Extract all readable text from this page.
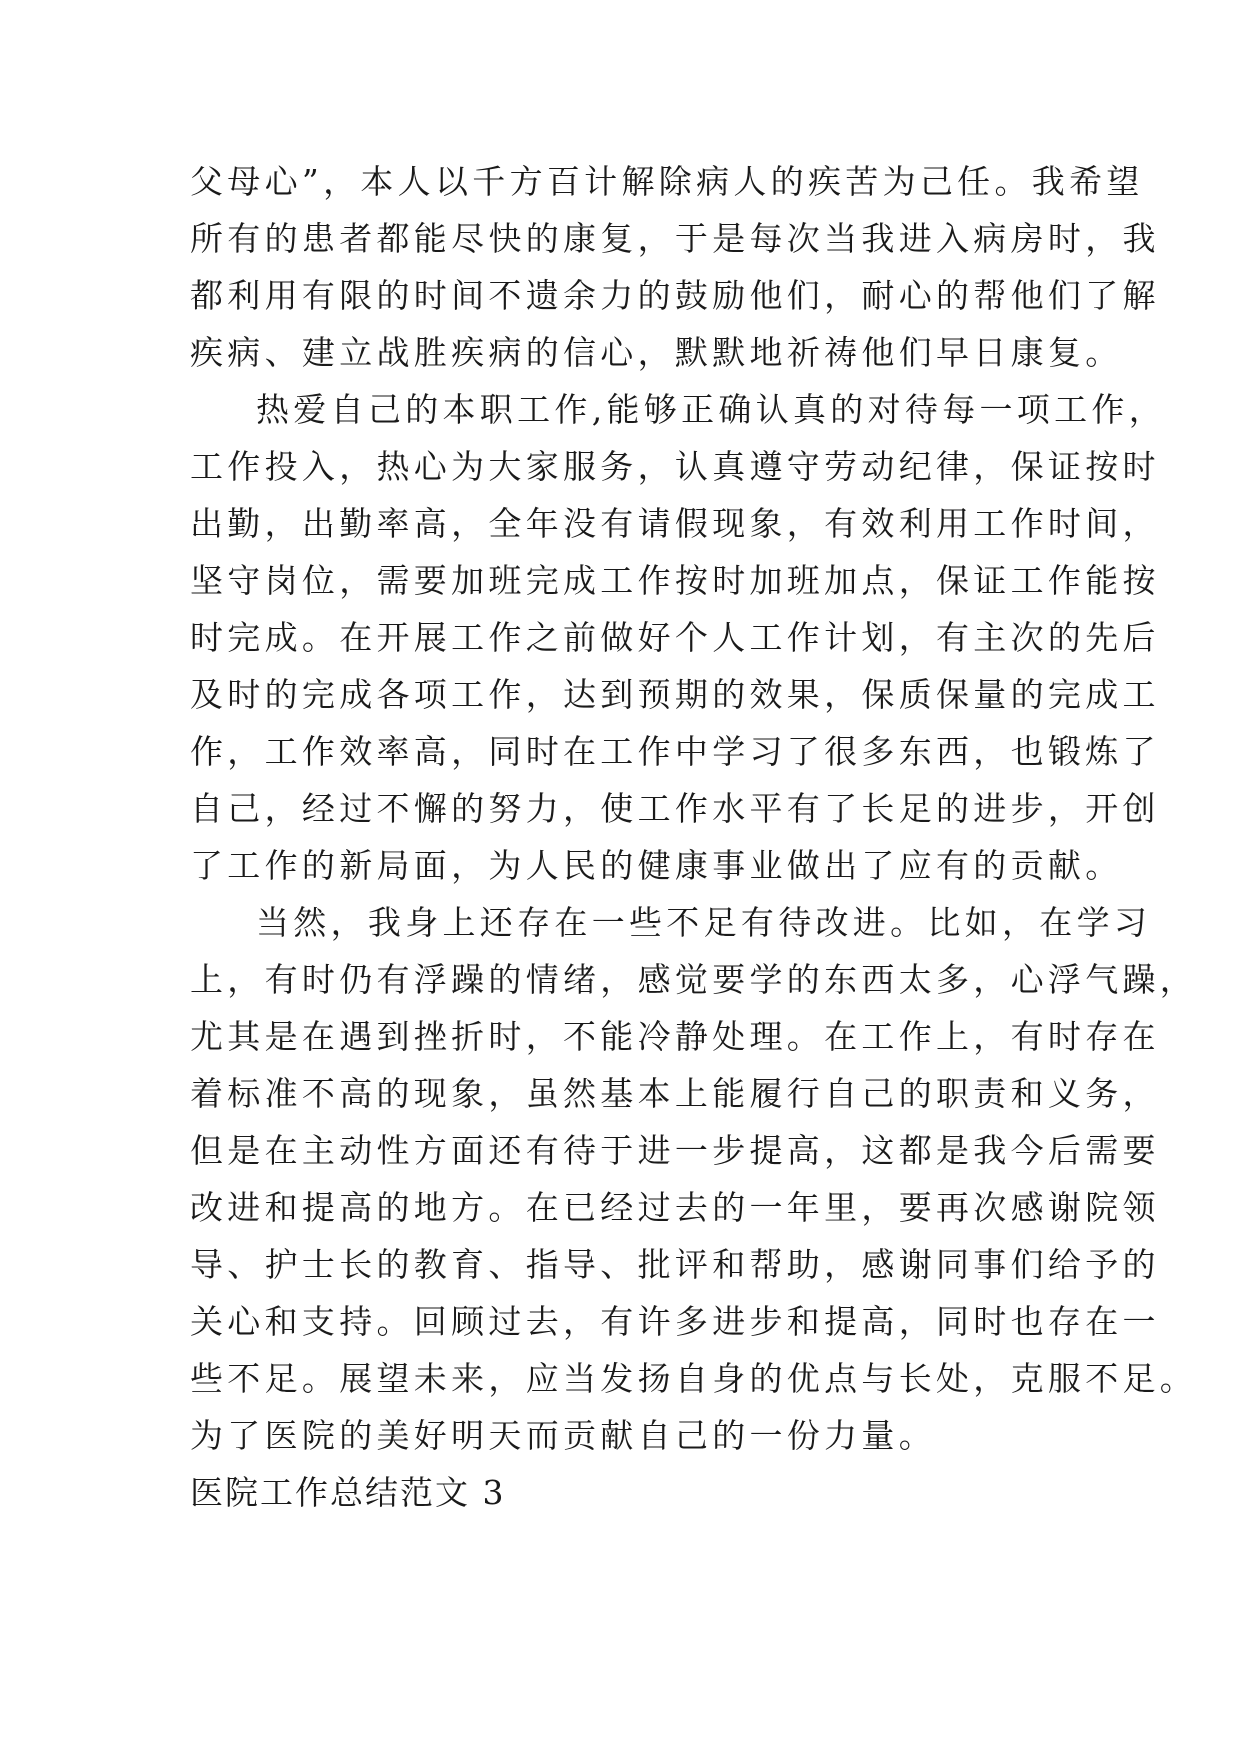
父母心”，本人以千方百计解除病人的疾苦为己任。我希望
所有的患者都能尽快的康复，于是每次当我进入病房时，我
都利用有限的时间不遗余力的鼓励他们，耐心的帮他们了解
疾病、建立战胜疾病的信心，默默地祈祷他们早日康复。
热爱自己的本职工作,能够正确认真的对待每一项工作，
工作投入，热心为大家服务，认真遵守劳动纪律，保证按时
出勤，出勤率高，全年没有请假现象，有效利用工作时间，
坚守岗位，需要加班完成工作按时加班加点，保证工作能按
时完成。在开展工作之前做好个人工作计划，有主次的先后
及时的完成各项工作，达到预期的效果，保质保量的完成工
作，工作效率高，同时在工作中学习了很多东西，也锻炼了
自己，经过不懈的努力，使工作水平有了长足的进步，开创
了工作的新局面，为人民的健康事业做出了应有的贡献。
当然，我身上还存在一些不足有待改进。比如，在学习
上，有时仍有浮躁的情绪，感觉要学的东西太多，心浮气躁，
尤其是在遇到挫折时，不能冷静处理。在工作上，有时存在
着标准不高的现象，虽然基本上能履行自己的职责和义务，
但是在主动性方面还有待于进一步提高，这都是我今后需要
改进和提高的地方。在已经过去的一年里，要再次感谢院领
导、护士长的教育、指导、批评和帮助，感谢同事们给予的
关心和支持。回顾过去，有许多进步和提高，同时也存在一
些不足。展望未来，应当发扬自身的优点与长处，克服不足。
为了医院的美好明天而贡献自己的一份力量。
医院工作总结范文 3
